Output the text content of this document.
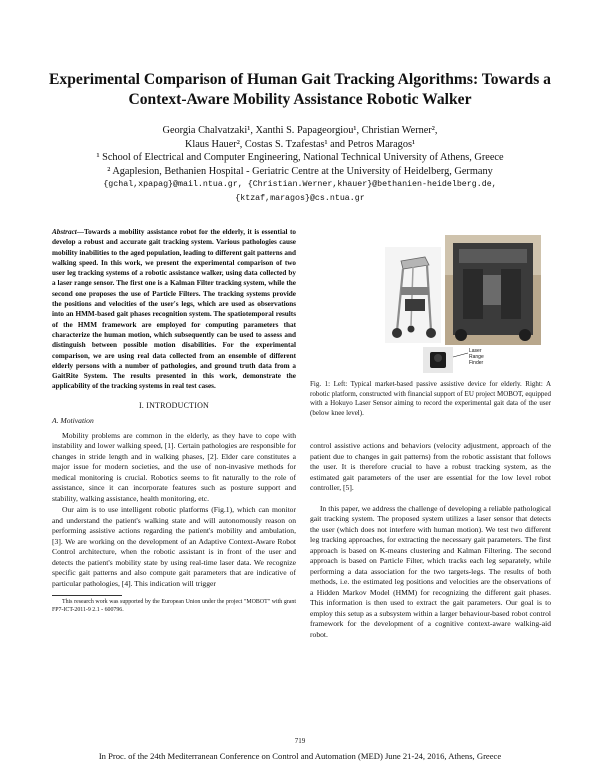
Experimental Comparison of Human Gait Tracking Algorithms: Towards a Context-Aware Mobility Assistance Robotic Walker
Georgia Chalvatzaki¹, Xanthi S. Papageorgiou¹, Christian Werner²,
Klaus Hauer², Costas S. Tzafestas¹ and Petros Maragos¹
¹ School of Electrical and Computer Engineering, National Technical University of Athens, Greece
² Agaplesion, Bethanien Hospital - Geriatric Centre at the University of Heidelberg, Germany
{gchal,xpapag}@mail.ntua.gr, {Christian.Werner,khauer}@bethanien-heidelberg.de,
{ktzaf,maragos}@cs.ntua.gr
Abstract—Towards a mobility assistance robot for the elderly, it is essential to develop a robust and accurate gait tracking system. Various pathologies cause mobility inabilities to the aged population, leading to different gait patterns and walking speed. In this work, we present the experimental comparison of two user leg tracking systems of a robotic assistance walker, using data collected by a laser range sensor. The first one is a Kalman Filter tracking system, while the second one proposes the use of Particle Filters. The tracking systems provide the positions and velocities of the user's legs, which are used as observations into an HMM-based gait phases recognition system. The spatiotemporal results of the HMM framework are employed for computing parameters that characterize the human motion, which subsequently can be used to assess and distinguish between possible motion disabilities. For the experimental comparison, we are using real data collected from an ensemble of different elderly persons with a number of pathologies, and ground truth data from a GaitRite System. The results presented in this work, demonstrate the applicability of the tracking systems in real test cases.
I. INTRODUCTION
A. Motivation
Mobility problems are common in the elderly, as they have to cope with instability and lower walking speed, [1]. Certain pathologies are responsible for changes in stride length and in walking phases, [2]. Elder care constitutes a major issue for modern societies, and the use of non-invasive methods for medical monitoring is crucial. Robotics seems to fit naturally to the role of assistance, since it can incorporate features such as posture support and stability, walking assistance, health monitoring, etc.
Our aim is to use intelligent robotic platforms (Fig.1), which can monitor and understand the patient's walking state and will autonomously reason on performing assistive actions regarding the patient's mobility and ambulation, [3]. We are working on the development of an Adaptive Context-Aware Robot Control architecture, when the robotic assistant is in front of the user and detects the patient's mobility state by using real-time laser data. We recognize specific gait patterns and also compute gait parameters that are indicative of particular pathologies, [4]. This indication will trigger
This research work was supported by the European Union under the project "MOBOT" with grant FP7-ICT-2011-9 2.1 - 600796.
Laser
Range
Finder
Fig. 1: Left: Typical market-based passive assistive device for elderly. Right: A robotic platform, constructed with financial support of EU project MOBOT, equipped with a Hokuyo Laser Sensor aiming to record the experimental gait data of the user (below knee level).
control assistive actions and behaviors (velocity adjustment, approach of the patient due to changes in gait patterns) from the robotic assistant that follows the user. It is therefore crucial to have a robust tracking system, as the estimated gait parameters of the user are essential for the low level robot controller, [5].
In this paper, we address the challenge of developing a reliable pathological gait tracking system. The proposed system utilizes a laser sensor that detects the user (which does not interfere with human motion). We test two different leg tracking approaches, for extracting the necessary gait parameters. The first approach is based on K-means clustering and Kalman Filtering. The second approach is based on Particle Filter, which tracks each leg separately, while performing a data association for the two targets-legs. The results of both methods, i.e. the estimated leg positions and velocities are the observations of a Hidden Markov Model (HMM) for recognizing the different gait phases. This information is then used to extract the gait parameters. Our goal is to employ this setup as a subsystem within a larger behaviour-based robot control framework for the development of a cognitive context-aware walking-aid robot.
719
In Proc. of the 24th Mediterranean Conference on Control and Automation (MED) June 21-24, 2016, Athens, Greece
